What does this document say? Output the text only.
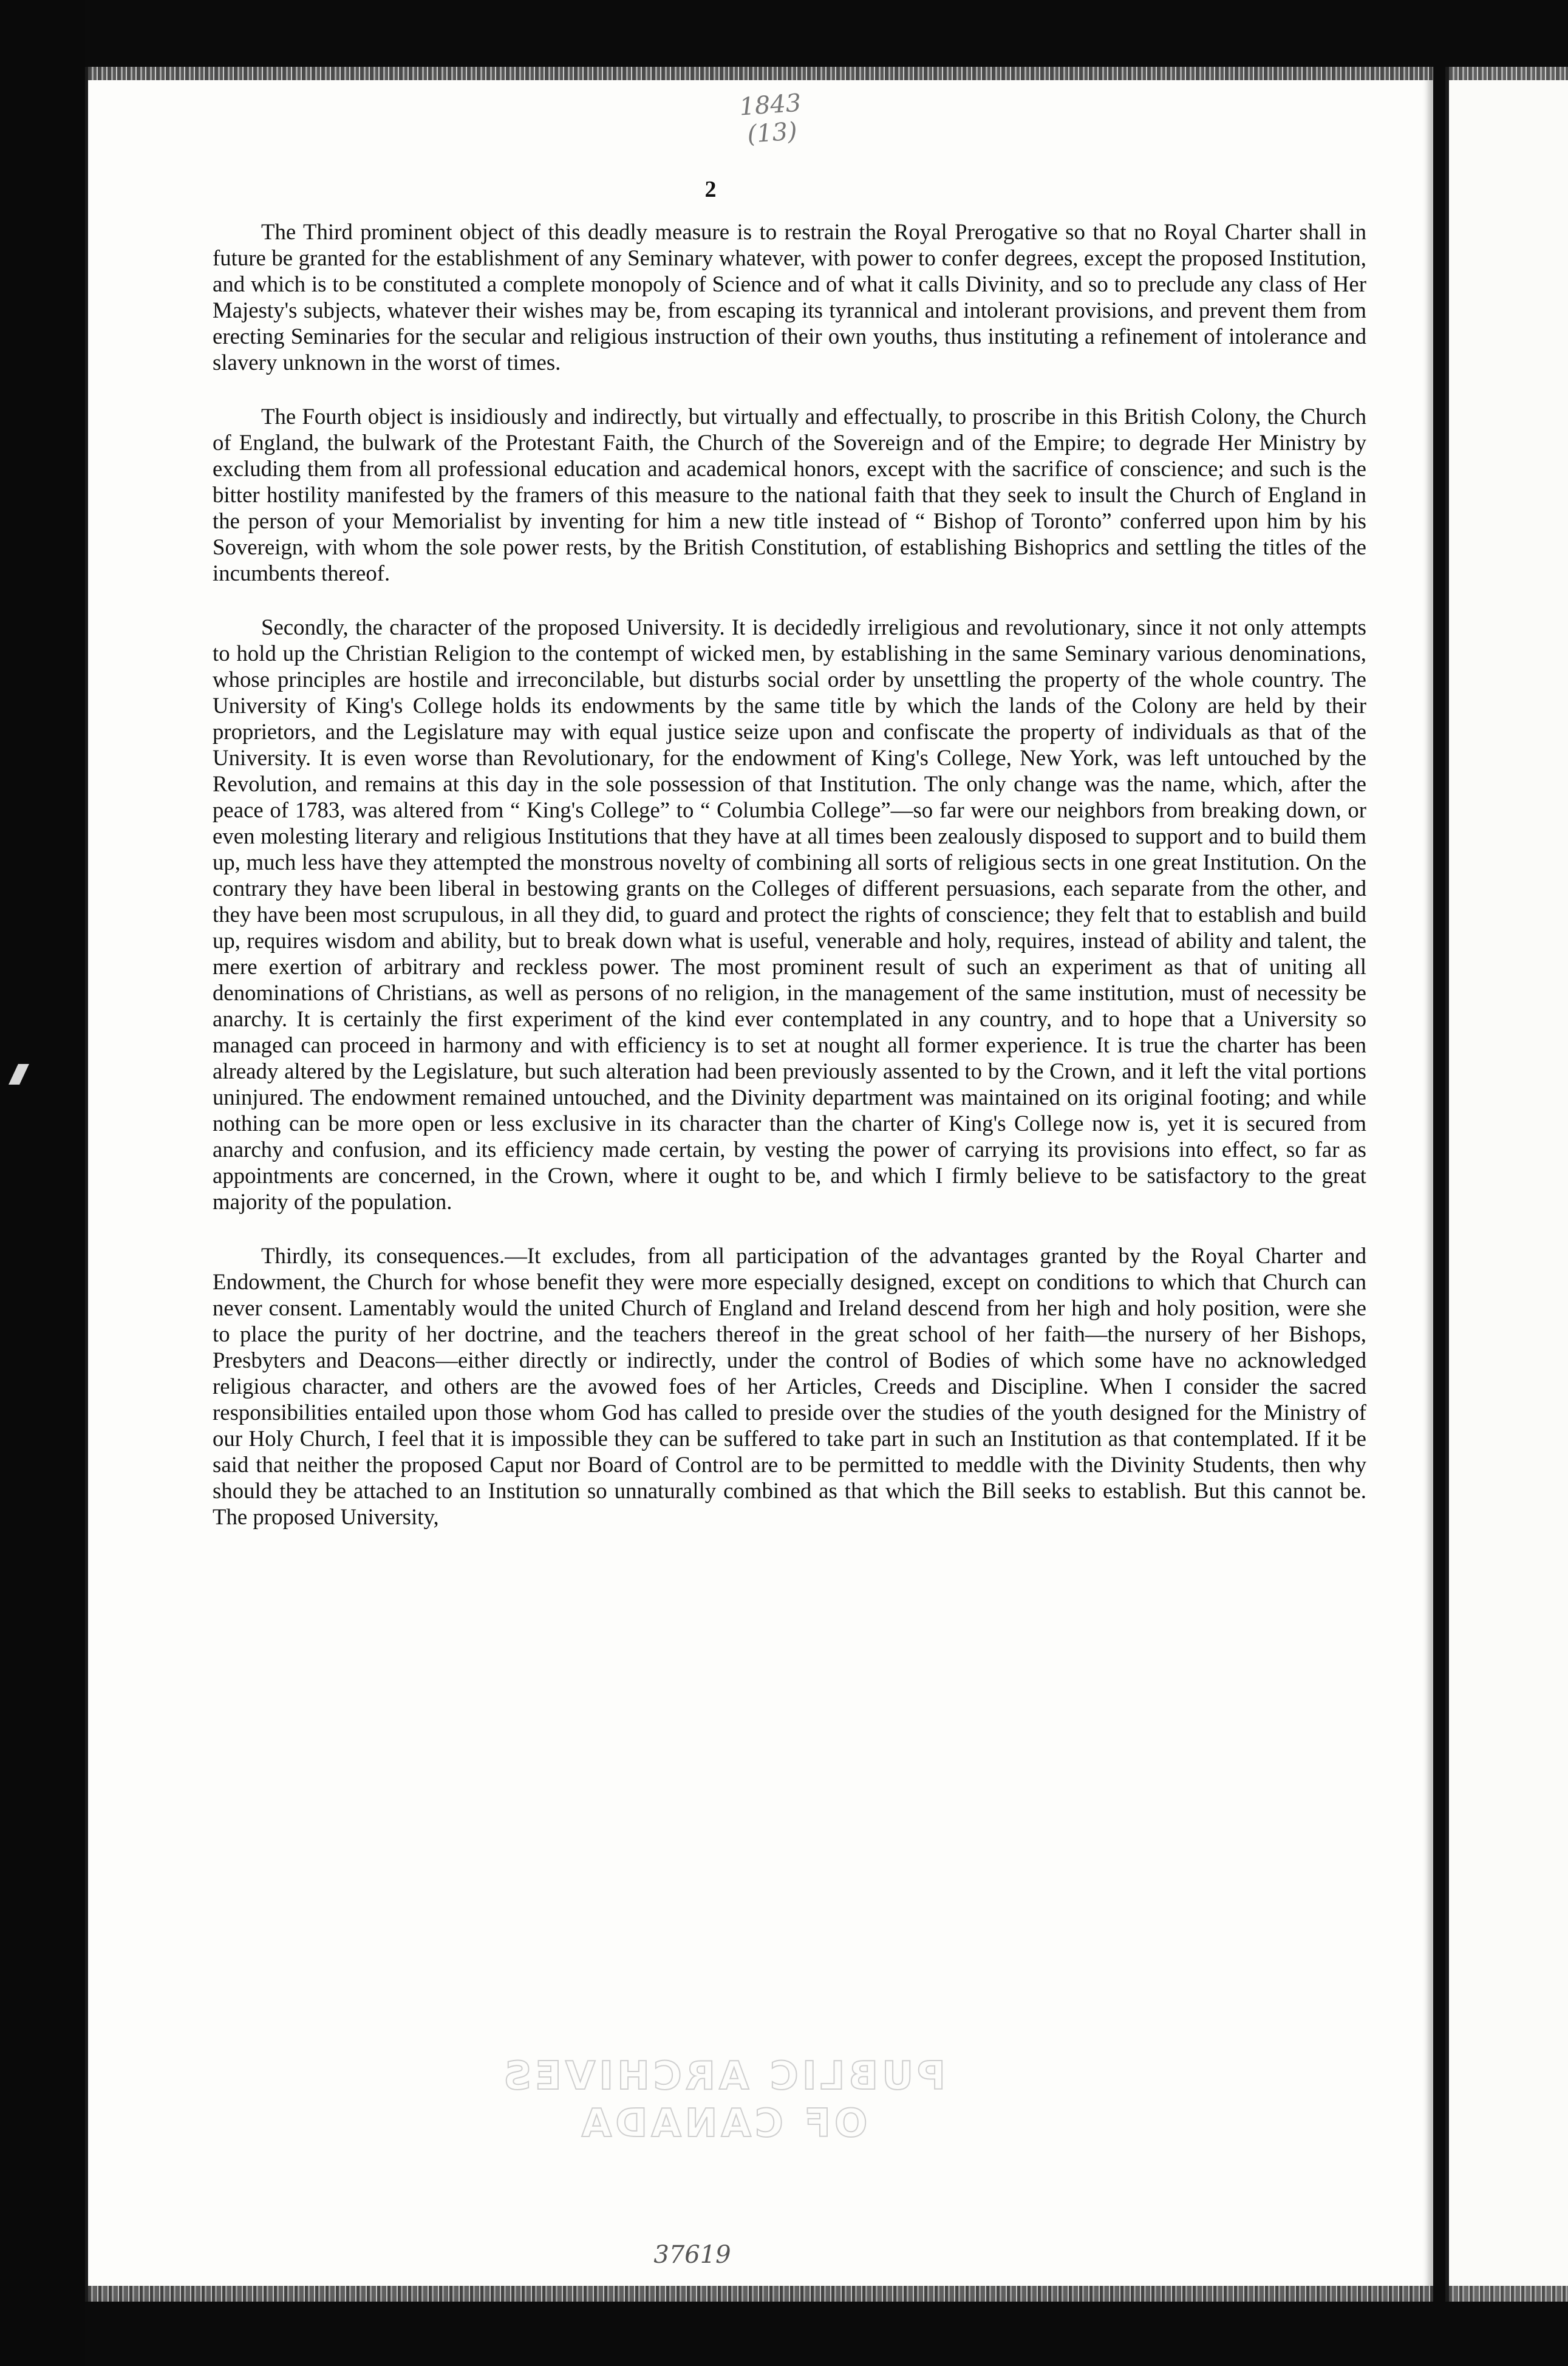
1843
(13)
2

The Third prominent object of this deadly measure is to restrain the Royal Prerogative so that no Royal Charter shall in future be granted for the establishment of any Seminary whatever, with power to confer degrees, except the proposed Institution, and which is to be constituted a complete monopoly of Science and of what it calls Divinity, and so to preclude any class of Her Majesty's subjects, whatever their wishes may be, from escaping its tyrannical and intolerant provisions, and prevent them from erecting Seminaries for the secular and religious instruction of their own youths, thus instituting a refinement of intolerance and slavery unknown in the worst of times.

The Fourth object is insidiously and indirectly, but virtually and effectually, to proscribe in this British Colony, the Church of England, the bulwark of the Protestant Faith, the Church of the Sovereign and of the Empire; to degrade Her Ministry by excluding them from all professional education and academical honors, except with the sacrifice of conscience; and such is the bitter hostility manifested by the framers of this measure to the national faith that they seek to insult the Church of England in the person of your Memorialist by inventing for him a new title instead of “ Bishop of Toronto” conferred upon him by his Sovereign, with whom the sole power rests, by the British Constitution, of establishing Bishoprics and settling the titles of the incumbents thereof.

Secondly, the character of the proposed University. It is decidedly irreligious and revolutionary, since it not only attempts to hold up the Christian Religion to the contempt of wicked men, by establishing in the same Seminary various denominations, whose principles are hostile and irreconcilable, but disturbs social order by unsettling the property of the whole country. The University of King's College holds its endowments by the same title by which the lands of the Colony are held by their proprietors, and the Legislature may with equal justice seize upon and confiscate the property of individuals as that of the University. It is even worse than Revolutionary, for the endowment of King's College, New York, was left untouched by the Revolution, and remains at this day in the sole possession of that Institution. The only change was the name, which, after the peace of 1783, was altered from “ King's College” to “ Columbia College”—so far were our neighbors from breaking down, or even molesting literary and religious Institutions that they have at all times been zealously disposed to support and to build them up, much less have they attempted the monstrous novelty of combining all sorts of religious sects in one great Institution. On the contrary they have been liberal in bestowing grants on the Colleges of different persuasions, each separate from the other, and they have been most scrupulous, in all they did, to guard and protect the rights of conscience; they felt that to establish and build up, requires wisdom and ability, but to break down what is useful, venerable and holy, requires, instead of ability and talent, the mere exertion of arbitrary and reckless power. The most prominent result of such an experiment as that of uniting all denominations of Christians, as well as persons of no religion, in the management of the same institution, must of necessity be anarchy. It is certainly the first experiment of the kind ever contemplated in any country, and to hope that a University so managed can proceed in harmony and with efficiency is to set at nought all former experience. It is true the charter has been already altered by the Legislature, but such alteration had been previously assented to by the Crown, and it left the vital portions uninjured. The endowment remained untouched, and the Divinity department was maintained on its original footing; and while nothing can be more open or less exclusive in its character than the charter of King's College now is, yet it is secured from anarchy and confusion, and its efficiency made certain, by vesting the power of carrying its provisions into effect, so far as appointments are concerned, in the Crown, where it ought to be, and which I firmly believe to be satisfactory to the great majority of the population.

Thirdly, its consequences.—It excludes, from all participation of the advantages granted by the Royal Charter and Endowment, the Church for whose benefit they were more especially designed, except on conditions to which that Church can never consent. Lamentably would the united Church of England and Ireland descend from her high and holy position, were she to place the purity of her doctrine, and the teachers thereof in the great school of her faith—the nursery of her Bishops, Presbyters and Deacons—either directly or indirectly, under the control of Bodies of which some have no acknowledged religious character, and others are the avowed foes of her Articles, Creeds and Discipline. When I consider the sacred responsibilities entailed upon those whom God has called to preside over the studies of the youth designed for the Ministry of our Holy Church, I feel that it is impossible they can be suffered to take part in such an Institution as that contemplated. If it be said that neither the proposed Caput nor Board of Control are to be permitted to meddle with the Divinity Students, then why should they be attached to an Institution so unnaturally combined as that which the Bill seeks to establish. But this cannot be. The proposed University,

PUBLIC ARCHIVES
OF CANADA
37619
